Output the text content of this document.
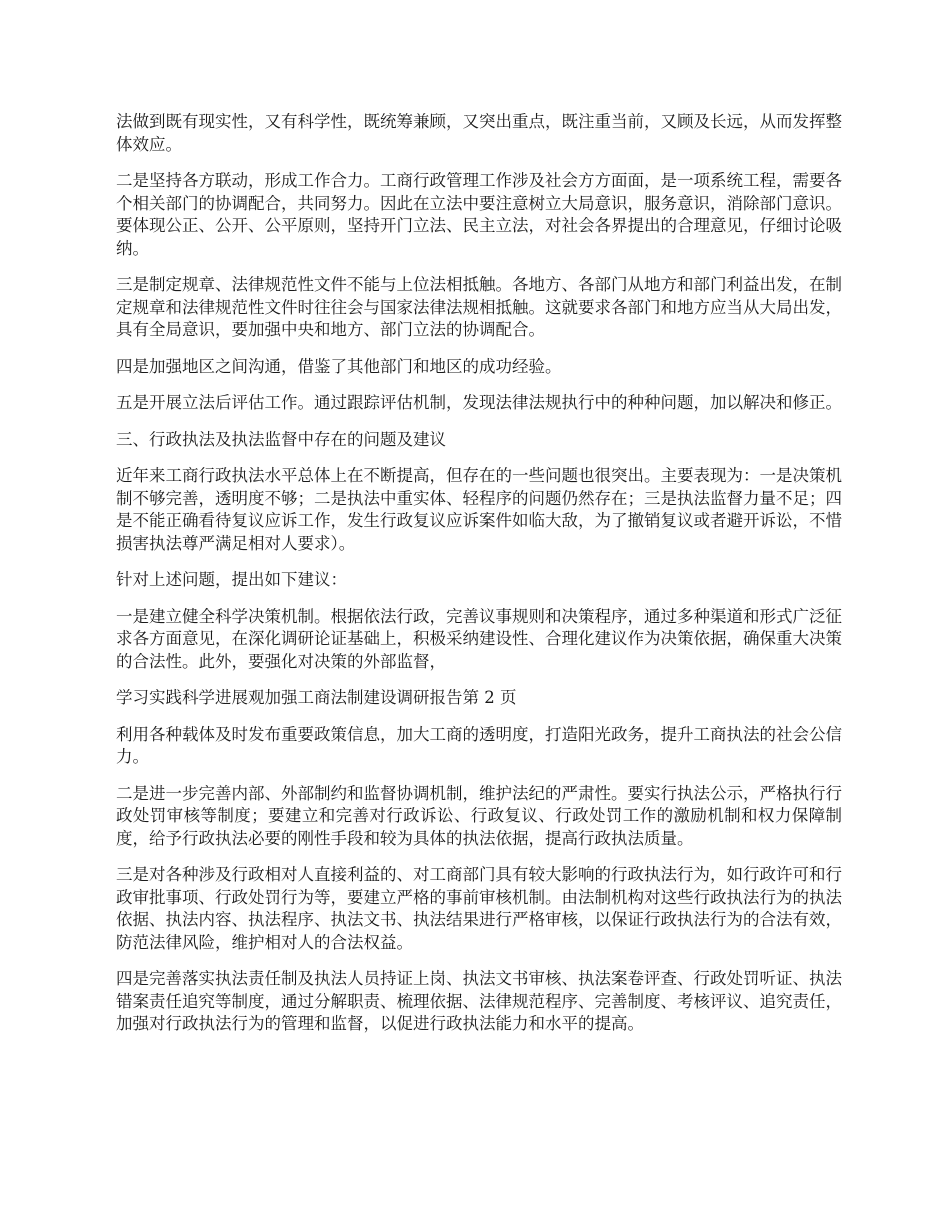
法做到既有现实性，又有科学性，既统筹兼顾，又突出重点，既注重当前，又顾及长远，从而发挥整体效应。

二是坚持各方联动，形成工作合力。工商行政管理工作涉及社会方方面面，是一项系统工程，需要各个相关部门的协调配合，共同努力。因此在立法中要注意树立大局意识，服务意识，消除部门意识。要体现公正、公开、公平原则，坚持开门立法、民主立法，对社会各界提出的合理意见，仔细讨论吸纳。

三是制定规章、法律规范性文件不能与上位法相抵触。各地方、各部门从地方和部门利益出发，在制定规章和法律规范性文件时往往会与国家法律法规相抵触。这就要求各部门和地方应当从大局出发，具有全局意识，要加强中央和地方、部门立法的协调配合。

四是加强地区之间沟通，借鉴了其他部门和地区的成功经验。

五是开展立法后评估工作。通过跟踪评估机制，发现法律法规执行中的种种问题，加以解决和修正。

三、行政执法及执法监督中存在的问题及建议

近年来工商行政执法水平总体上在不断提高，但存在的一些问题也很突出。主要表现为：一是决策机制不够完善，透明度不够；二是执法中重实体、轻程序的问题仍然存在；三是执法监督力量不足；四是不能正确看待复议应诉工作，发生行政复议应诉案件如临大敌，为了撤销复议或者避开诉讼，不惜损害执法尊严满足相对人要求）。

针对上述问题，提出如下建议：

一是建立健全科学决策机制。根据依法行政，完善议事规则和决策程序，通过多种渠道和形式广泛征求各方面意见，在深化调研论证基础上，积极采纳建设性、合理化建议作为决策依据，确保重大决策的合法性。此外，要强化对决策的外部监督，

学习实践科学进展观加强工商法制建设调研报告第 2 页

利用各种载体及时发布重要政策信息，加大工商的透明度，打造阳光政务，提升工商执法的社会公信力。

二是进一步完善内部、外部制约和监督协调机制，维护法纪的严肃性。要实行执法公示，严格执行行政处罚审核等制度；要建立和完善对行政诉讼、行政复议、行政处罚工作的激励机制和权力保障制度，给予行政执法必要的刚性手段和较为具体的执法依据，提高行政执法质量。

三是对各种涉及行政相对人直接利益的、对工商部门具有较大影响的行政执法行为，如行政许可和行政审批事项、行政处罚行为等，要建立严格的事前审核机制。由法制机构对这些行政执法行为的执法依据、执法内容、执法程序、执法文书、执法结果进行严格审核，以保证行政执法行为的合法有效，防范法律风险，维护相对人的合法权益。

四是完善落实执法责任制及执法人员持证上岗、执法文书审核、执法案卷评查、行政处罚听证、执法错案责任追究等制度，通过分解职责、梳理依据、法律规范程序、完善制度、考核评议、追究责任，加强对行政执法行为的管理和监督，以促进行政执法能力和水平的提高。
